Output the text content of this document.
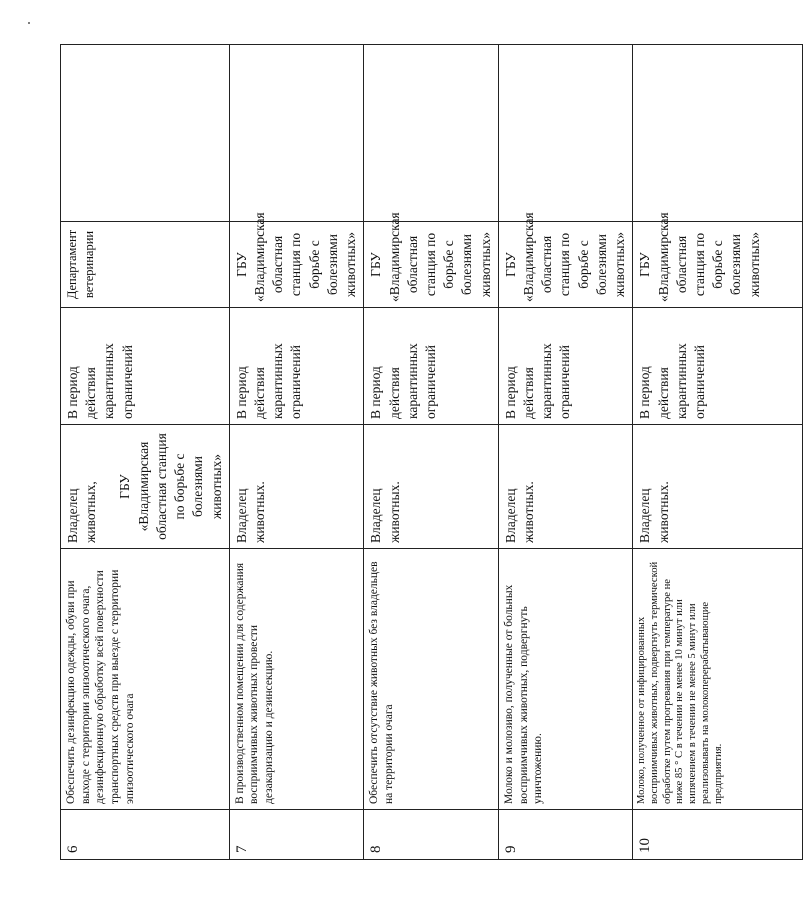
6	Обеспечить дезинфекцию одежды, обуви при выходе с территории эпизоотического очага, дезинфекционную обработку всей поверхности транспортных средств при выезде с территории эпизоотического очага	Владелец животных, ГБУ «Владимирская областная станция по борьбе с болезнями животных»	В период действия карантинных ограничений	Департамент ветеринарии	
7	В производственном помещении для содержания восприимчивых животных провести дезакаризацию и дезинсекцию.	Владелец животных.	В период действия карантинных ограничений	ГБУ «Владимирская областная станция по борьбе с болезнями животных»	
8	Обеспечить отсутствие животных без владельцев на территории очага	Владелец животных.	В период действия карантинных ограничений	ГБУ «Владимирская областная станция по борьбе с болезнями животных»	
9	Молоко и молозиво, полученные от больных восприимчивых животных, подвергнуть уничтожению.	Владелец животных.	В период действия карантинных ограничений	ГБУ «Владимирская областная станция по борьбе с болезнями животных»	
10	Молоко, полученное от инфицированных восприимчивых животных, подвергнуть термической обработке путем прогревания при температуре не ниже 85 ° С в течении не менее 10 минут или кипячением в течении не менее 5 минут или реализовывать на молокоперерабатывающие предприятия.	Владелец животных.	В период действия карантинных ограничений	ГБУ «Владимирская областная станция по борьбе с болезнями животных»	
